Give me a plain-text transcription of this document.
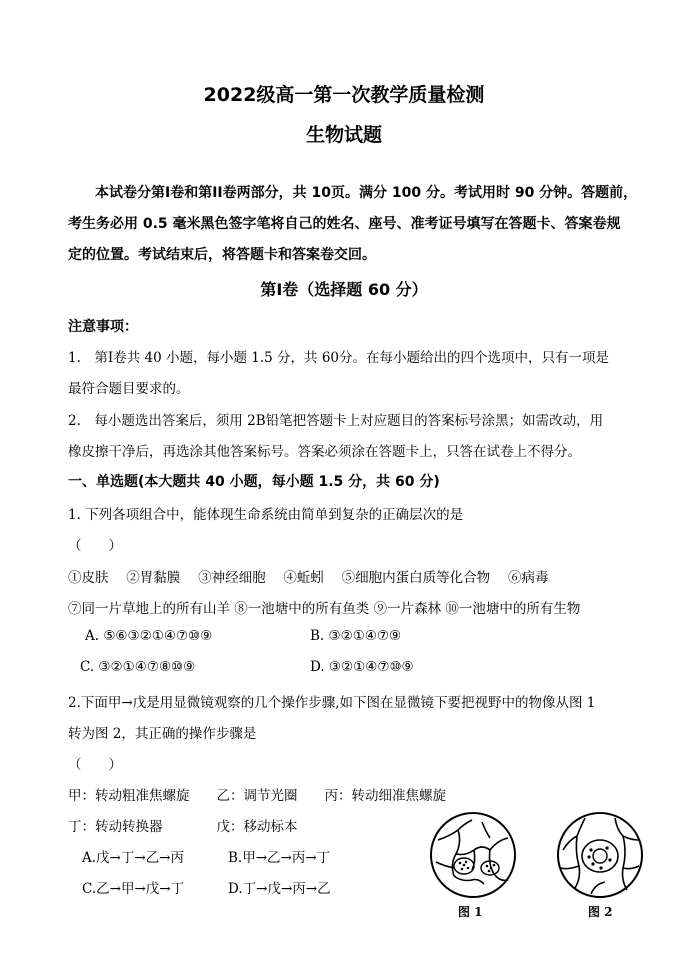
2022级高一第一次教学质量检测
生物试题
本试卷分第I卷和第II卷两部分，共 10页。满分 100 分。考试用时 90 分钟。答题前，
考生务必用 0.5 毫米黑色签字笔将自己的姓名、座号、准考证号填写在答题卡、答案卷规
定的位置。考试结束后，将答题卡和答案卷交回。
第Ⅰ卷（选择题 60 分）
注意事项：
1.　第Ⅰ卷共 40 小题，每小题 1.5 分，共 60分。在每小题给出的四个选项中，只有一项是
最符合题目要求的。
2.　每小题选出答案后，须用 2B铅笔把答题卡上对应题目的答案标号涂黑；如需改动，用
橡皮擦干净后，再选涂其他答案标号。答案必须涂在答题卡上，只答在试卷上不得分。
一、单选题(本大题共 40 小题，每小题 1.5 分，共 60 分)
1. 下列各项组合中，能体现生命系统由简单到复杂的正确层次的是
（　　）
①皮肤　 ②胃黏膜　 ③神经细胞　 ④蚯蚓　 ⑤细胞内蛋白质等化合物　 ⑥病毒
⑦同一片草地上的所有山羊 ⑧一池塘中的所有鱼类 ⑨一片森林 ⑩一池塘中的所有生物
A. ⑤⑥③②①④⑦⑩⑨	B. ③②①④⑦⑨
C. ③②①④⑦⑧⑩⑨	D. ③②①④⑦⑩⑨
2.下面甲→戊是用显微镜观察的几个操作步骤,如下图在显微镜下要把视野中的物像从图 1
转为图 2，其正确的操作步骤是
（　　）
甲：转动粗准焦螺旋　　乙：调节光圈　　丙：转动细准焦螺旋
丁：转动转换器　　　　戊：移动标本
A.戊→丁→乙→丙	B.甲→乙→丙→丁
C.乙→甲→戊→丁	D.丁→戊→丙→乙
图 1	图 2
